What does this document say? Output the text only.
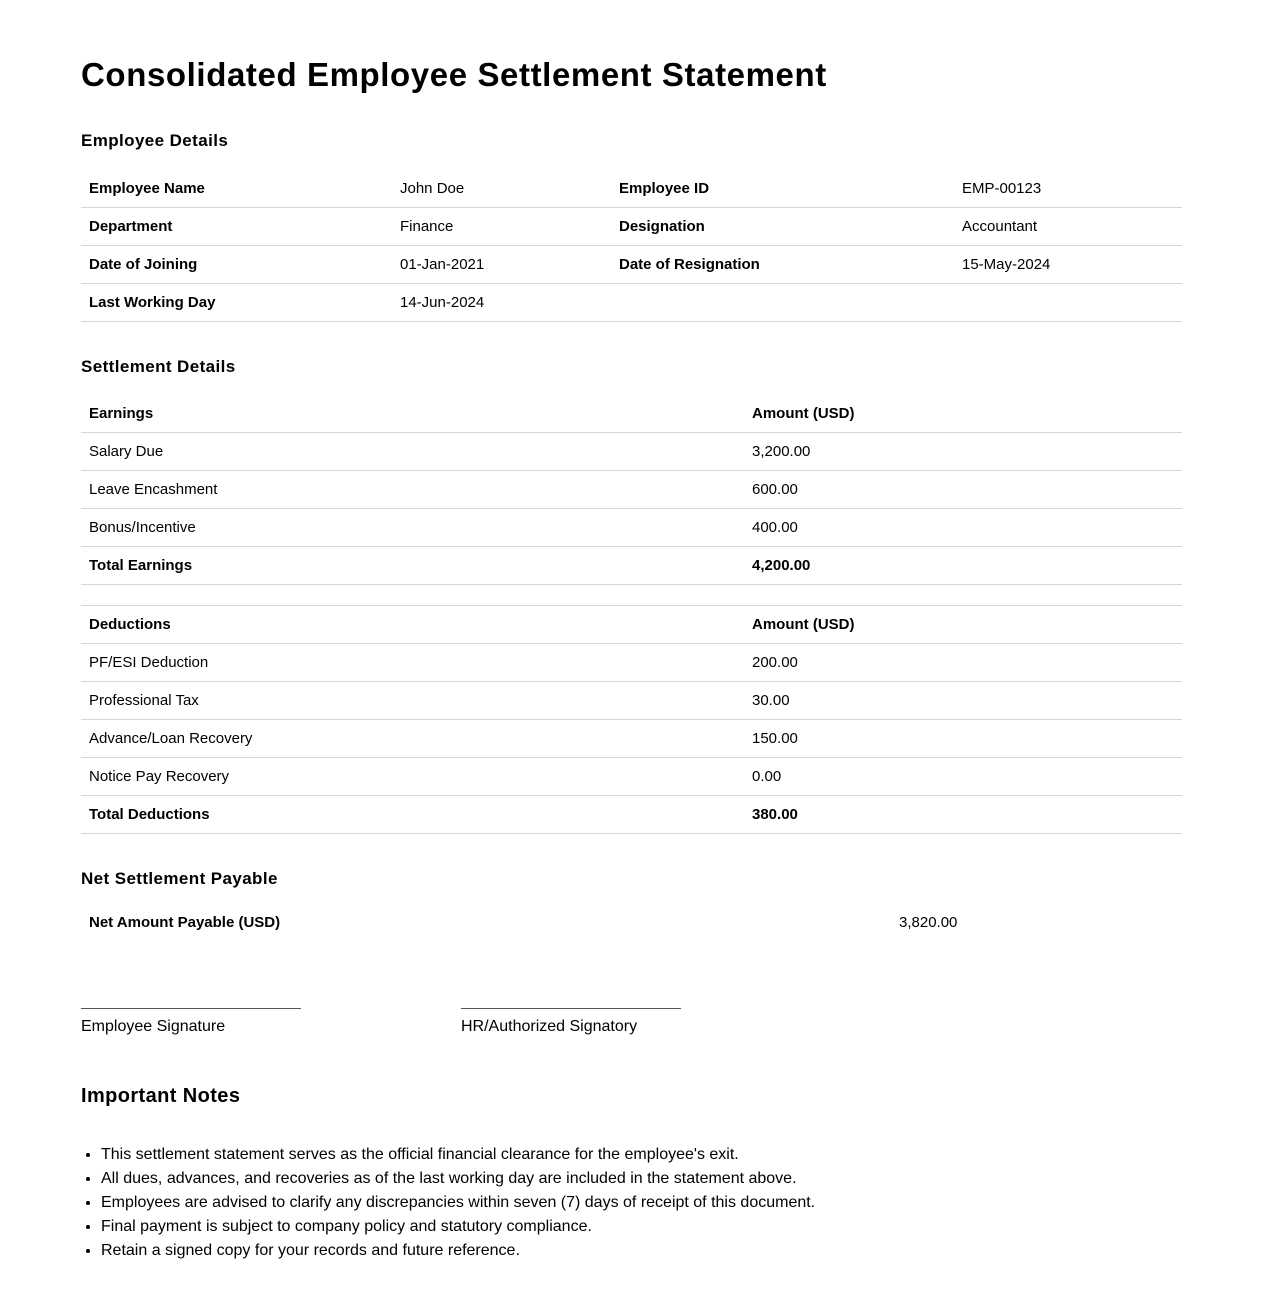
Consolidated Employee Settlement Statement
Employee Details
Employee Name	John Doe	Employee ID	EMP-00123
Department	Finance	Designation	Accountant
Date of Joining	01-Jan-2021	Date of Resignation	15-May-2024
Last Working Day	14-Jun-2024		
Settlement Details
Earnings	Amount (USD)
Salary Due	3,200.00
Leave Encashment	600.00
Bonus/Incentive	400.00
Total Earnings	4,200.00
Deductions	Amount (USD)
PF/ESI Deduction	200.00
Professional Tax	30.00
Advance/Loan Recovery	150.00
Notice Pay Recovery	0.00
Total Deductions	380.00
Net Settlement Payable
Net Amount Payable (USD)	3,820.00
Employee Signature	HR/Authorized Signatory
Important Notes
• This settlement statement serves as the official financial clearance for the employee's exit.
• All dues, advances, and recoveries as of the last working day are included in the statement above.
• Employees are advised to clarify any discrepancies within seven (7) days of receipt of this document.
• Final payment is subject to company policy and statutory compliance.
• Retain a signed copy for your records and future reference.
